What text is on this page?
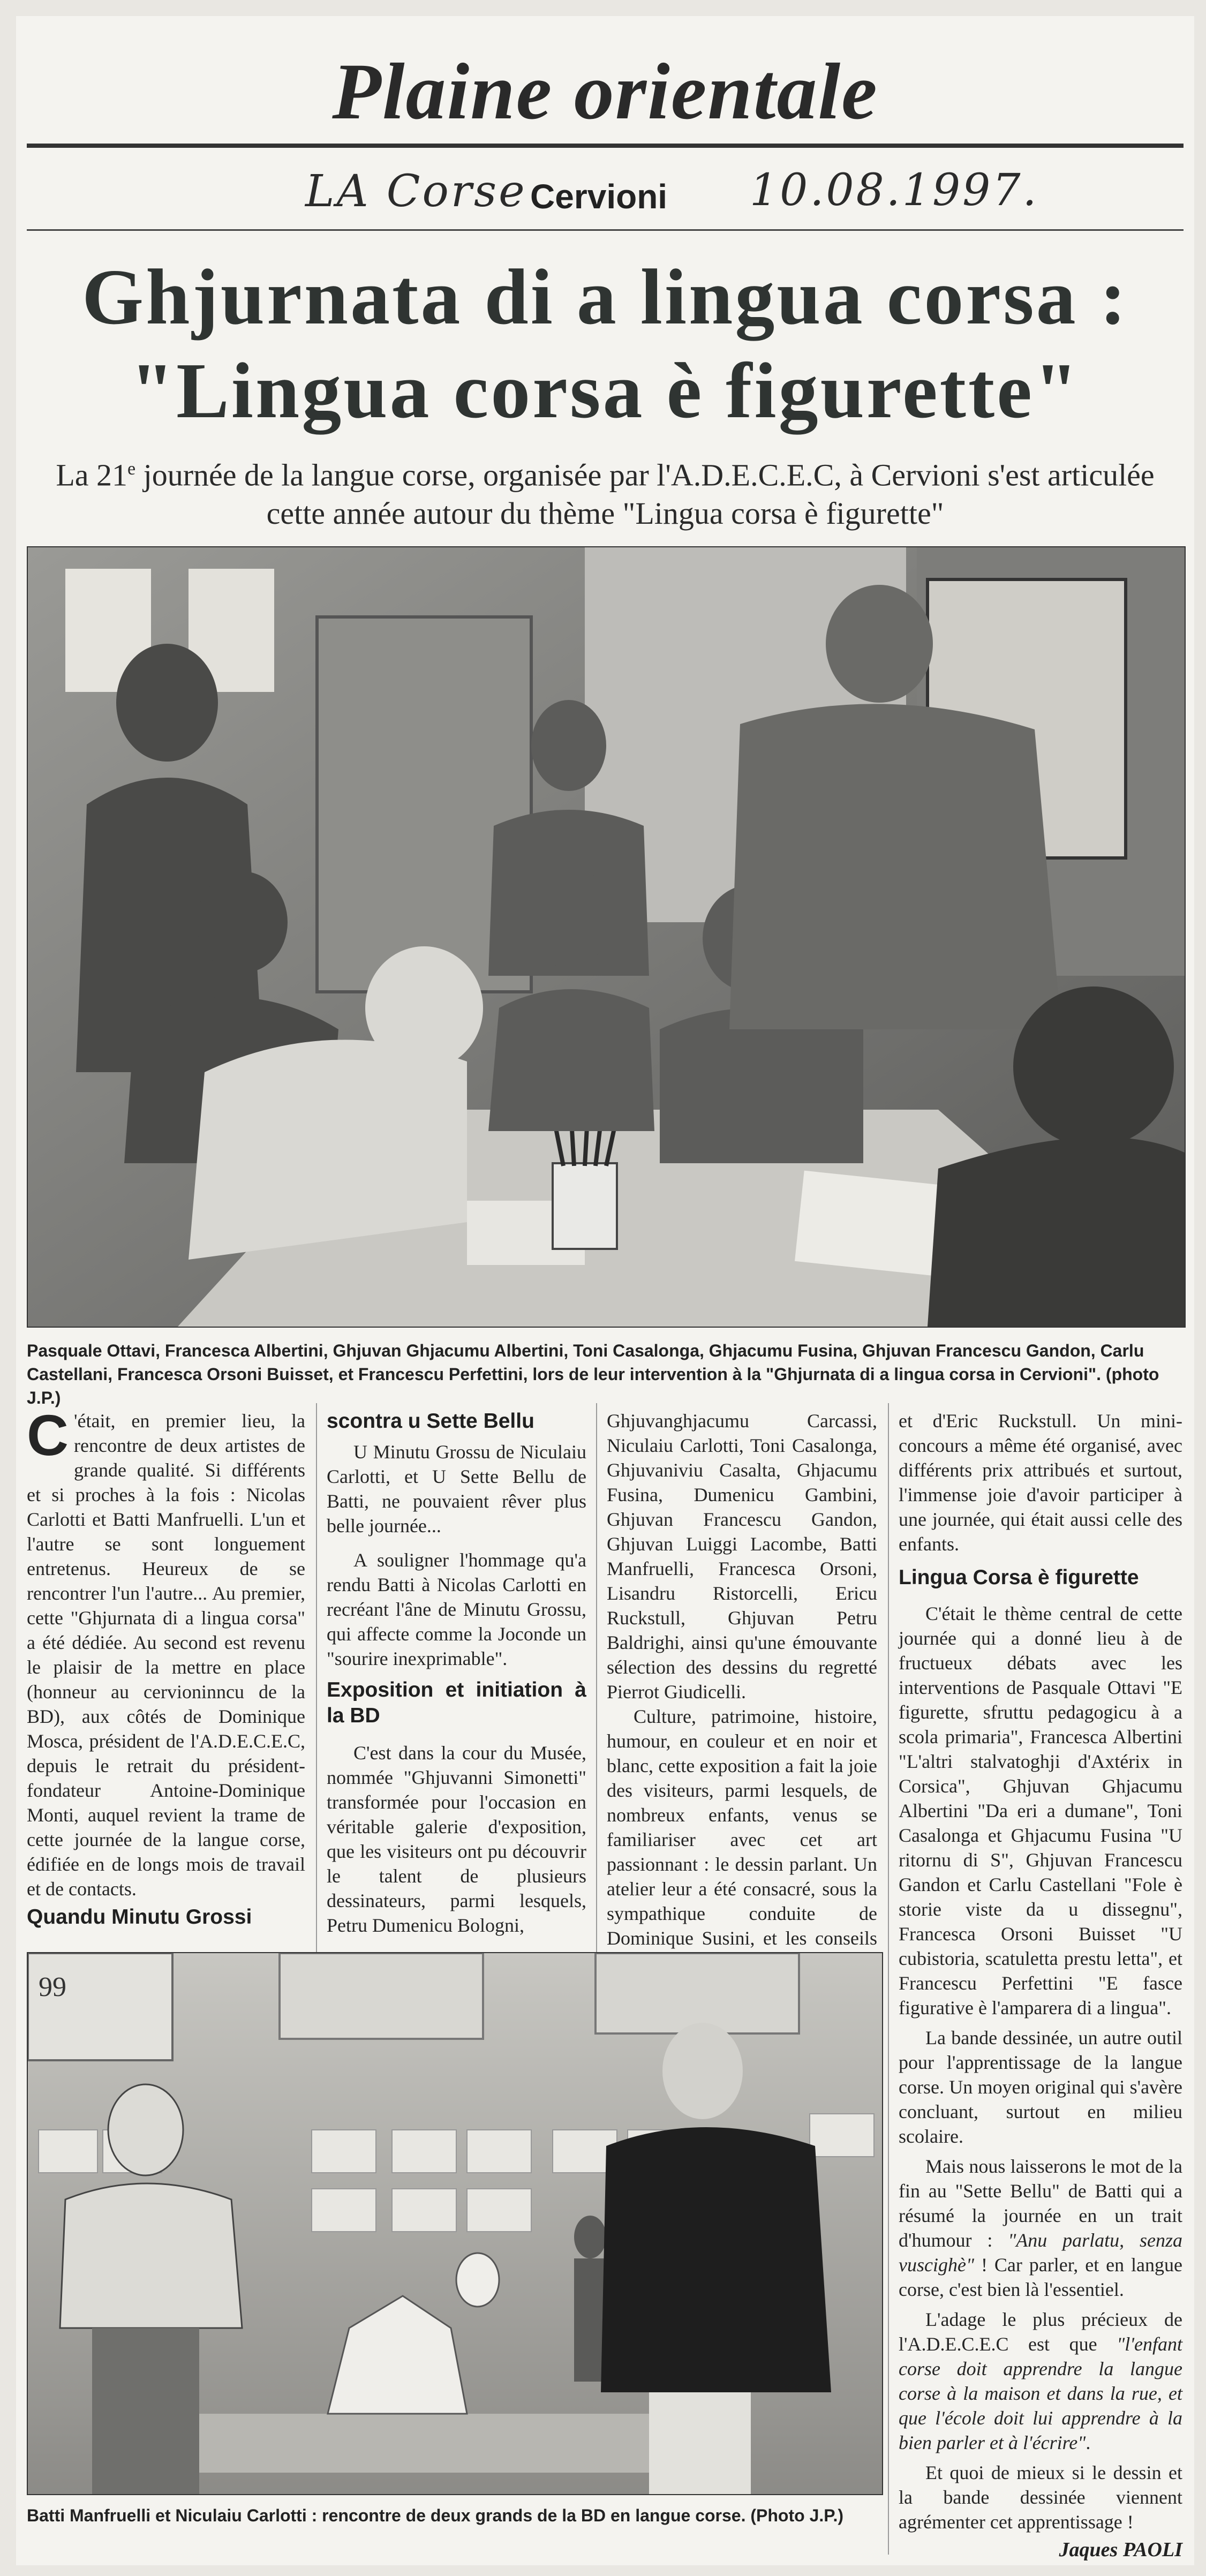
Plaine orientale
LA Corse Cervioni 10.08.1997.
Ghjurnata di a lingua corsa :
"Lingua corsa è figurette"
La 21e journée de la langue corse, organisée par l'A.D.E.C.E.C, à Cervioni s'est articulée cette année autour du thème "Lingua corsa è figurette"
Pasquale Ottavi, Francesca Albertini, Ghjuvan Ghjacumu Albertini, Toni Casalonga, Ghjacumu Fusina, Ghjuvan Francescu Gandon, Carlu Castellani, Francesca Orsoni Buisset, et Francescu Perfettini, lors de leur intervention à la "Ghjurnata di a lingua corsa in Cervioni". (photo J.P.)

C 'était, en premier lieu, la rencontre de deux artistes de grande qualité. Si différents et si proches à la fois : Nicolas Carlotti et Batti Manfruelli. L'un et l'autre se sont longuement entretenus. Heureux de se rencontrer l'un l'autre... Au premier, cette "Ghjurnata di a lingua corsa" a été dédiée. Au second est revenu le plaisir de la mettre en place (honneur au cervioninncu de la BD), aux côtés de Dominique Mosca, président de l'A.D.E.C.E.C, depuis le retrait du président-fondateur Antoine-Dominique Monti, auquel revient la trame de cette journée de la langue corse, édifiée en de longs mois de travail et de contacts.

Quandu Minutu Grossi
scontra u Sette Bellu

U Minutu Grossu de Niculaiu Carlotti, et U Sette Bellu de Batti, ne pouvaient rêver plus belle journée...

A souligner l'hommage qu'a rendu Batti à Nicolas Carlotti en recréant l'âne de Minutu Grossu, qui affecte comme la Joconde un "sourire inexprimable".

Exposition et initiation à la BD

C'est dans la cour du Musée, nommée "Ghjuvanni Simonetti" transformée pour l'occasion en véritable galerie d'exposition, que les visiteurs ont pu découvrir le talent de plusieurs dessinateurs, parmi lesquels, Petru Dumenicu Bologni,

Ghjuvanghjacumu Carcassi, Niculaiu Carlotti, Toni Casalonga, Ghjuvaniviu Casalta, Ghjacumu Fusina, Dumenicu Gambini, Ghjuvan Francescu Gandon, Ghjuvan Luiggi Lacombe, Batti Manfruelli, Francesca Orsoni, Lisandru Ristorcelli, Ericu Ruckstull, Ghjuvan Petru Baldrighi, ainsi qu'une émouvante sélection des dessins du regretté Pierrot Giudicelli.

Culture, patrimoine, histoire, humour, en couleur et en noir et blanc, cette exposition a fait la joie des visiteurs, parmi lesquels, de nombreux enfants, venus se familiariser avec cet art passionnant : le dessin parlant. Un atelier leur a été consacré, sous la sympathique conduite de Dominique Susini, et les conseils

et d'Eric Ruckstull. Un mini-concours a même été organisé, avec différents prix attribués et surtout, l'immense joie d'avoir participer à une journée, qui était aussi celle des enfants.

Lingua Corsa è figurette

C'était le thème central de cette journée qui a donné lieu à de fructueux débats avec les interventions de Pasquale Ottavi "E figurette, sfruttu pedagogicu à a scola primaria", Francesca Albertini "L'altri stalvatoghji d'Axtérix in Corsica", Ghjuvan Ghjacumu Albertini "Da eri a dumane", Toni Casalonga et Ghjacumu Fusina "U ritornu di S", Ghjuvan Francescu Gandon et Carlu Castellani "Fole è storie viste da u dissegnu", Francesca Orsoni Buisset "U cubistoria, scatuletta prestu letta", et Francescu Perfettini "E fasce figurative è l'amparera di a lingua".

La bande dessinée, un autre outil pour l'apprentissage de la langue corse. Un moyen original qui s'avère concluant, surtout en milieu scolaire.

Mais nous laisserons le mot de la fin au "Sette Bellu" de Batti qui a résumé la journée en un trait d'humour : "Anu parlatu, senza vuscighè" ! Car parler, et en langue corse, c'est bien là l'essentiel.

L'adage le plus précieux de l'A.D.E.C.E.C est que "l'enfant corse doit apprendre la langue corse à la maison et dans la rue, et que l'école doit lui apprendre à la bien parler et à l'écrire".

Et quoi de mieux si le dessin et la bande dessinée viennent agrémenter cet apprentissage !

Jaques PAOLI
99
Batti Manfruelli et Niculaiu Carlotti : rencontre de deux grands de la BD en langue corse. (Photo J.P.)
